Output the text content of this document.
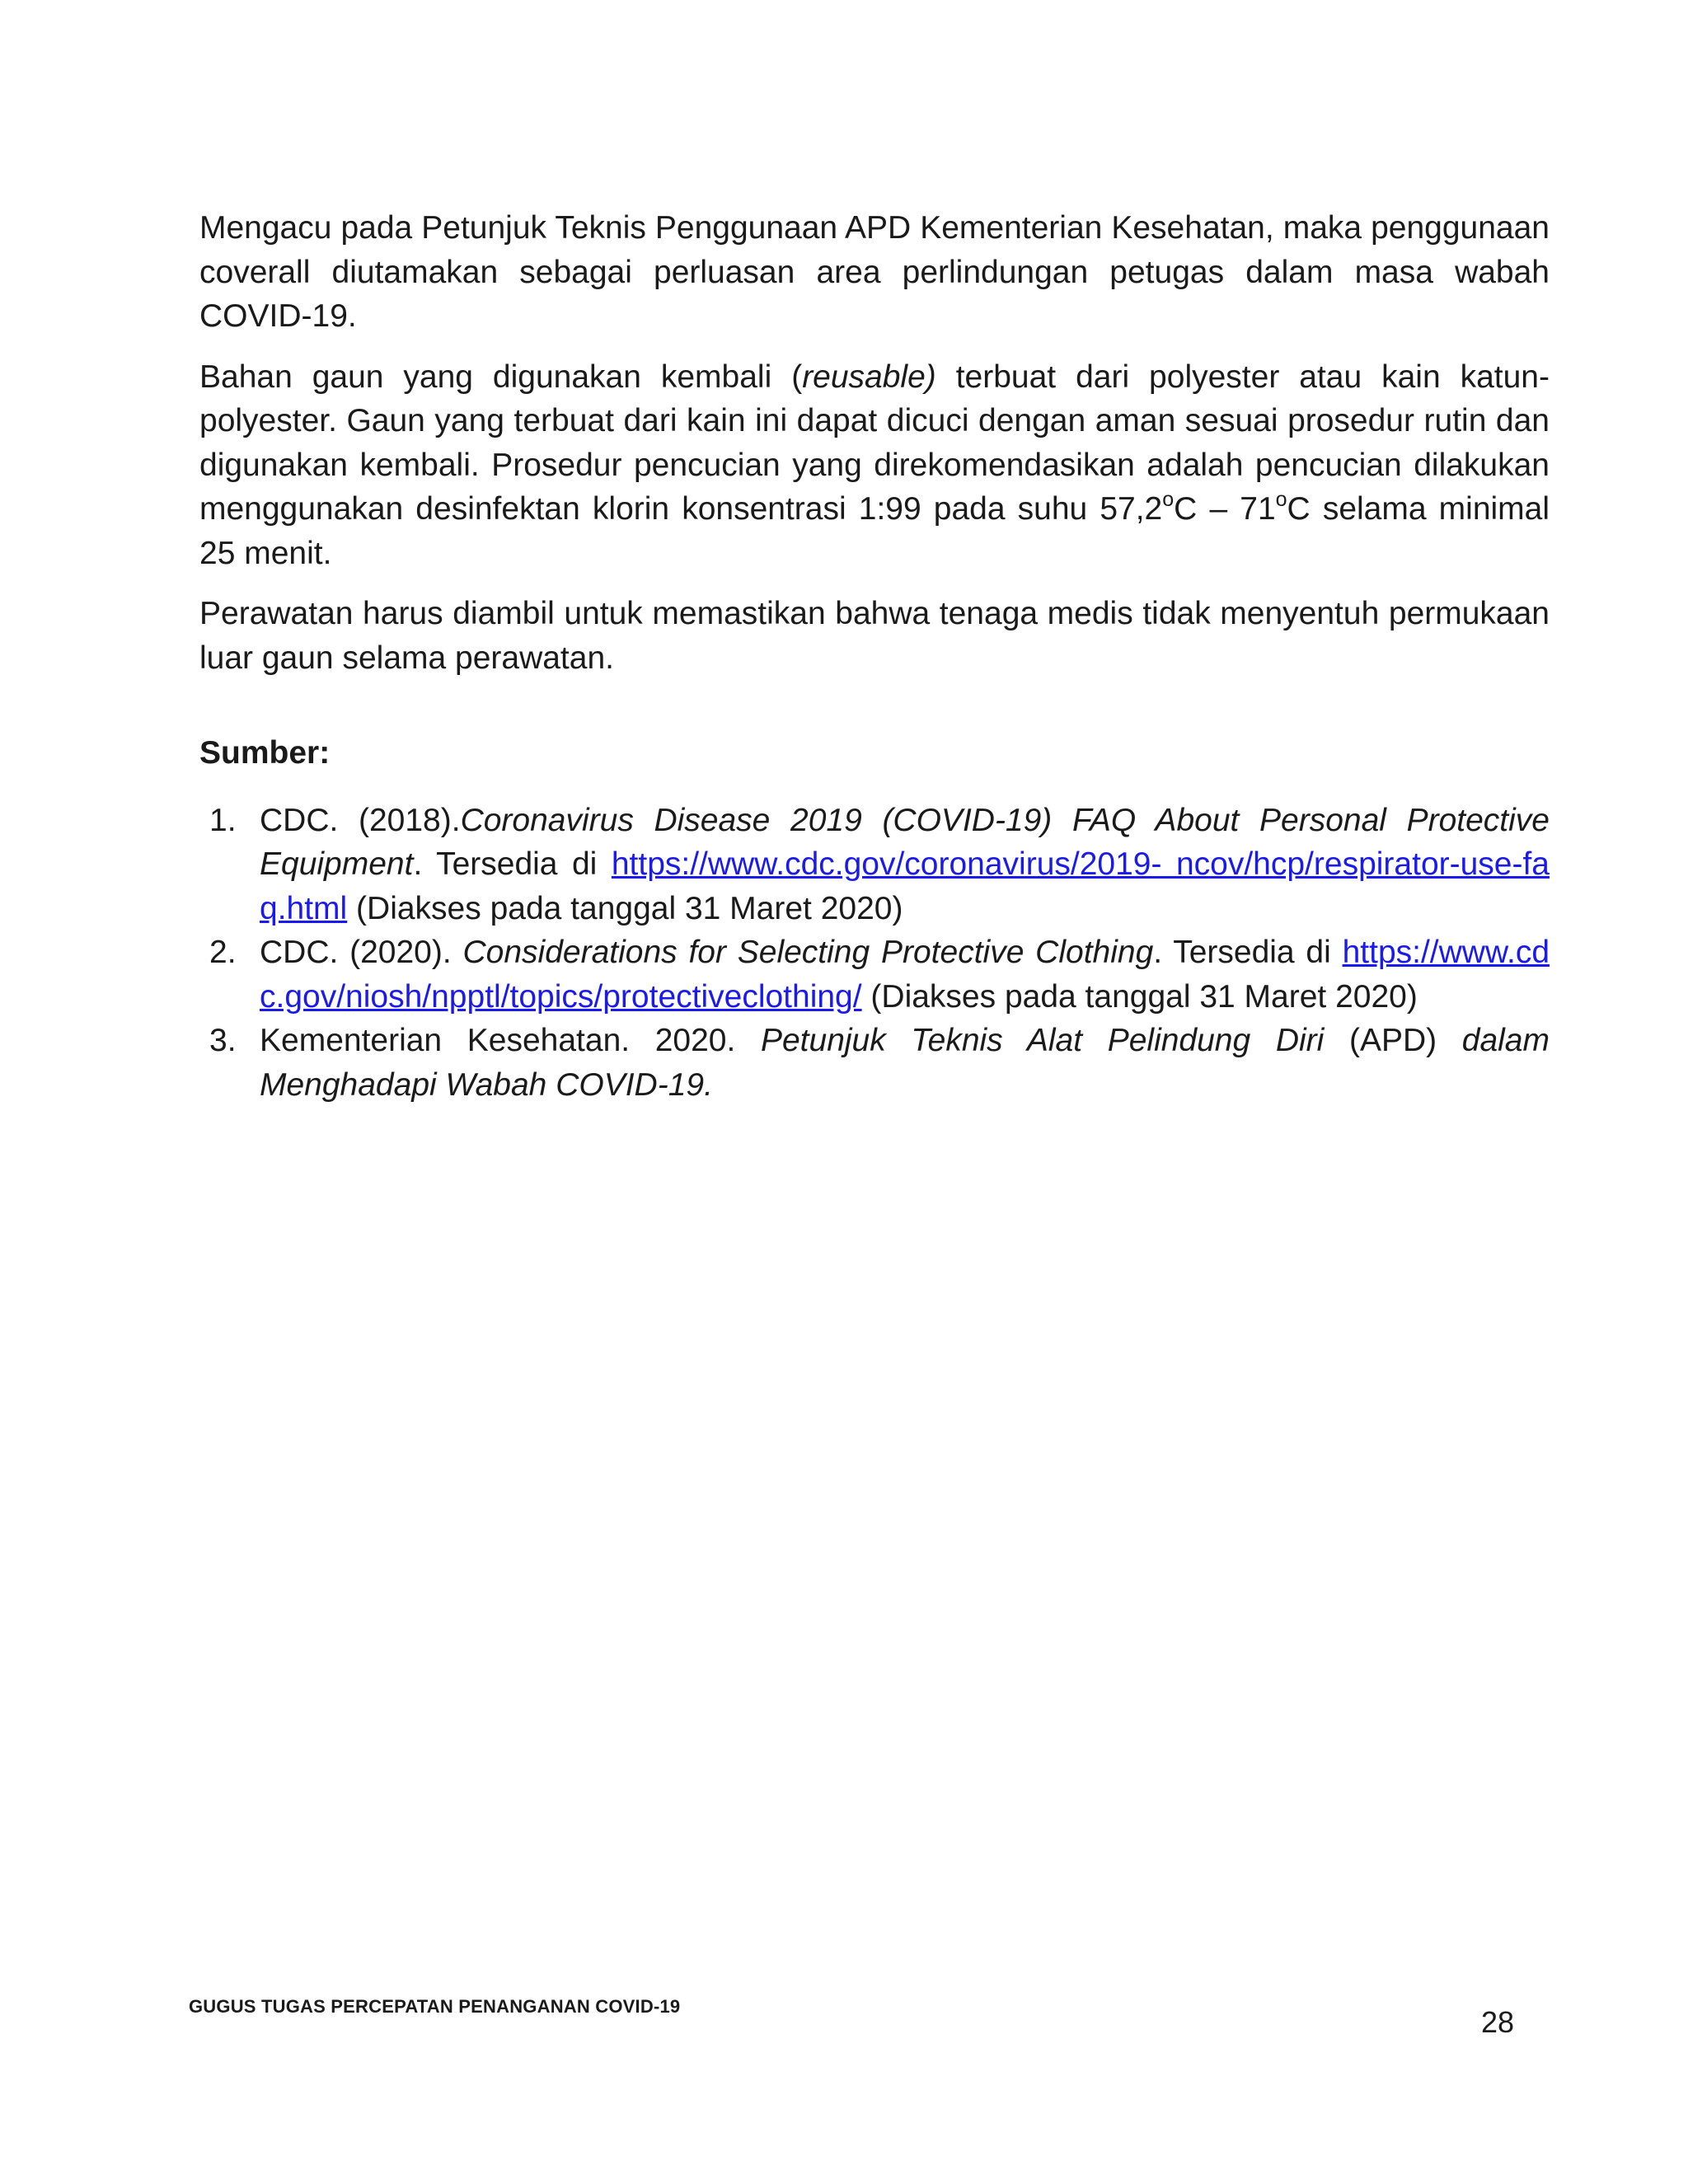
Mengacu pada Petunjuk Teknis Penggunaan APD Kementerian Kesehatan, maka penggunaan coverall diutamakan sebagai perluasan area perlindungan petugas dalam masa wabah COVID-19.

Bahan gaun yang digunakan kembali (reusable) terbuat dari polyester atau kain katun-polyester. Gaun yang terbuat dari kain ini dapat dicuci dengan aman sesuai prosedur rutin dan digunakan kembali. Prosedur pencucian yang direkomendasikan adalah pencucian dilakukan menggunakan desinfektan klorin konsentrasi 1:99 pada suhu 57,2$^o$C – 71$^o$C selama minimal 25 menit.

Perawatan harus diambil untuk memastikan bahwa tenaga medis tidak menyentuh permukaan luar gaun selama perawatan.

Sumber:
1. CDC. (2018).Coronavirus Disease 2019 (COVID-19) FAQ About Personal Protective Equipment. Tersedia di https://www.cdc.gov/coronavirus/2019- ncov/hcp/respirator-use-faq.html (Diakses pada tanggal 31 Maret 2020)
2. CDC. (2020). Considerations for Selecting Protective Clothing. Tersedia di https://www.cdc.gov/niosh/npptl/topics/protectiveclothing/ (Diakses pada tanggal 31 Maret 2020)
3. Kementerian Kesehatan. 2020. Petunjuk Teknis Alat Pelindung Diri (APD) dalam Menghadapi Wabah COVID-19.
GUGUS TUGAS PERCEPATAN PENANGANAN COVID-19	28
